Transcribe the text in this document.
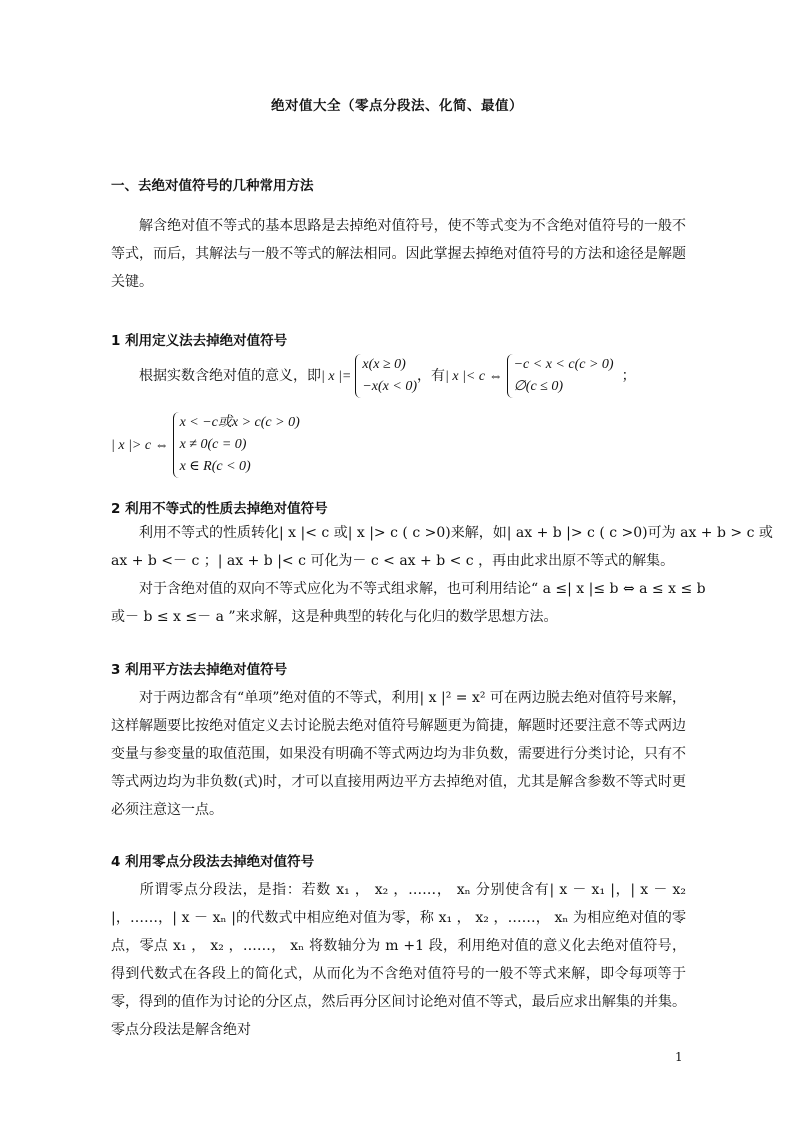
绝对值大全（零点分段法、化简、最值）
一、去绝对值符号的几种常用方法
解含绝对值不等式的基本思路是去掉绝对值符号，使不等式变为不含绝对值符号的一般不等式，而后，其解法与一般不等式的解法相同。因此掌握去掉绝对值符号的方法和途径是解题关键。
1 利用定义法去掉绝对值符号
根据实数含绝对值的意义，即| x |=
x(x ≥ 0)
−x(x < 0)
，有| x |< c ⇔
−c < x < c(c > 0)
∅(c ≤ 0)
；
| x |> c ⇔
x < −c或x > c(c > 0)
x ≠ 0(c = 0)
x ∈ R(c < 0)
2 利用不等式的性质去掉绝对值符号
利用不等式的性质转化| x |< c 或| x |> c ( c >0)来解，如| ax + b |> c ( c >0)可为 ax + b > c 或
ax + b <－ c ；| ax + b |< c 可化为－ c < ax + b < c ，再由此求出原不等式的解集。
对于含绝对值的双向不等式应化为不等式组求解，也可利用结论“ a ≤| x |≤ b ⇔ a ≤ x ≤ b
或－ b ≤ x ≤－ a ”来求解，这是种典型的转化与化归的数学思想方法。
3 利用平方法去掉绝对值符号
对于两边都含有“单项”绝对值的不等式，利用| x |² = x² 可在两边脱去绝对值符号来解，这样解题要比按绝对值定义去讨论脱去绝对值符号解题更为简捷，解题时还要注意不等式两边变量与参变量的取值范围，如果没有明确不等式两边均为非负数，需要进行分类讨论，只有不等式两边均为非负数(式)时，才可以直接用两边平方去掉绝对值，尤其是解含参数不等式时更必须注意这一点。
4 利用零点分段法去掉绝对值符号
所谓零点分段法，是指：若数 x₁ ， x₂ ，……， xₙ 分别使含有| x － x₁ |，| x － x₂ |，……，| x － xₙ |的代数式中相应绝对值为零，称 x₁ ， x₂ ，……， xₙ 为相应绝对值的零点，零点 x₁ ， x₂ ，……， xₙ 将数轴分为 m +1 段，利用绝对值的意义化去绝对值符号，得到代数式在各段上的简化式，从而化为不含绝对值符号的一般不等式来解，即令每项等于零，得到的值作为讨论的分区点，然后再分区间讨论绝对值不等式，最后应求出解集的并集。零点分段法是解含绝对
1
